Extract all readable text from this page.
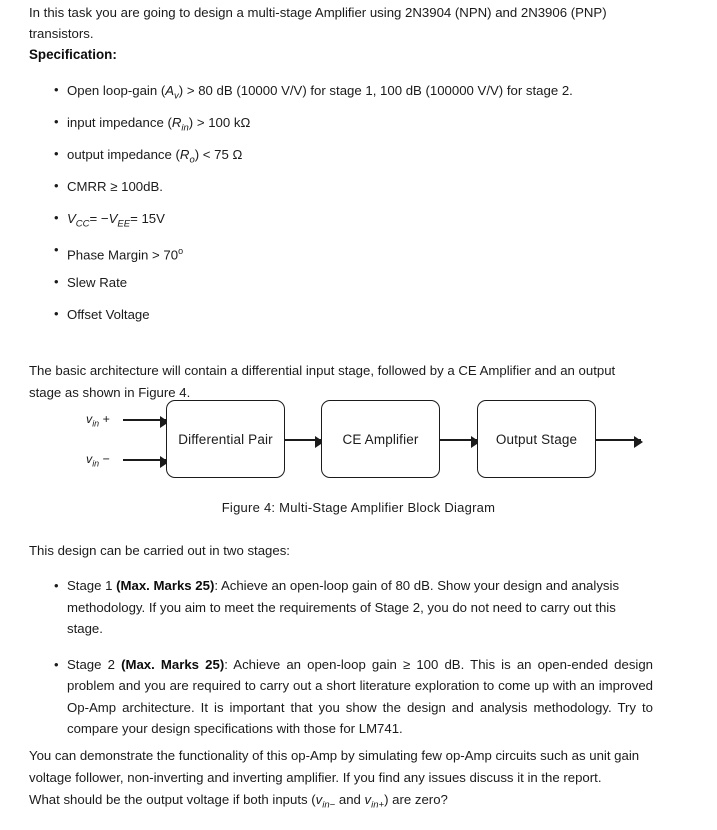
In this task you are going to design a multi-stage Amplifier using 2N3904 (NPN) and 2N3906 (PNP) transistors.
Specification:
• Open loop-gain $(A_v) > 80$ dB (10000 V/V) for stage 1, 100 dB (100000 V/V) for stage 2.
• input impedance $(R_{in}) > 100$ kΩ
• output impedance $(R_o) < 75$ Ω
• CMRR ≥ 100dB.
• $V_{CC}= -V_{EE}= 15V$
• Phase Margin > $70^o$
• Slew Rate
• Offset Voltage
The basic architecture will contain a differential input stage, followed by a CE Amplifier and an output stage as shown in Figure 4.
$v_{in}$ +
$v_{in}$ −
Differential Pair	CE Amplifier	Output Stage
Figure 4: Multi-Stage Amplifier Block Diagram
This design can be carried out in two stages:
• Stage 1 (Max. Marks 25): Achieve an open-loop gain of 80 dB. Show your design and analysis methodology. If you aim to meet the requirements of Stage 2, you do not need to carry out this stage.
• Stage 2 (Max. Marks 25): Achieve an open-loop gain ≥ 100 dB. This is an open-ended design problem and you are required to carry out a short literature exploration to come up with an improved Op-Amp architecture. It is important that you show the design and analysis methodology. Try to compare your design specifications with those for LM741.
You can demonstrate the functionality of this op-Amp by simulating few op-Amp circuits such as unit gain voltage follower, non-inverting and inverting amplifier. If you find any issues discuss it in the report.
What should be the output voltage if both inputs ($v_{in-}$ and $v_{in+}$) are zero?
